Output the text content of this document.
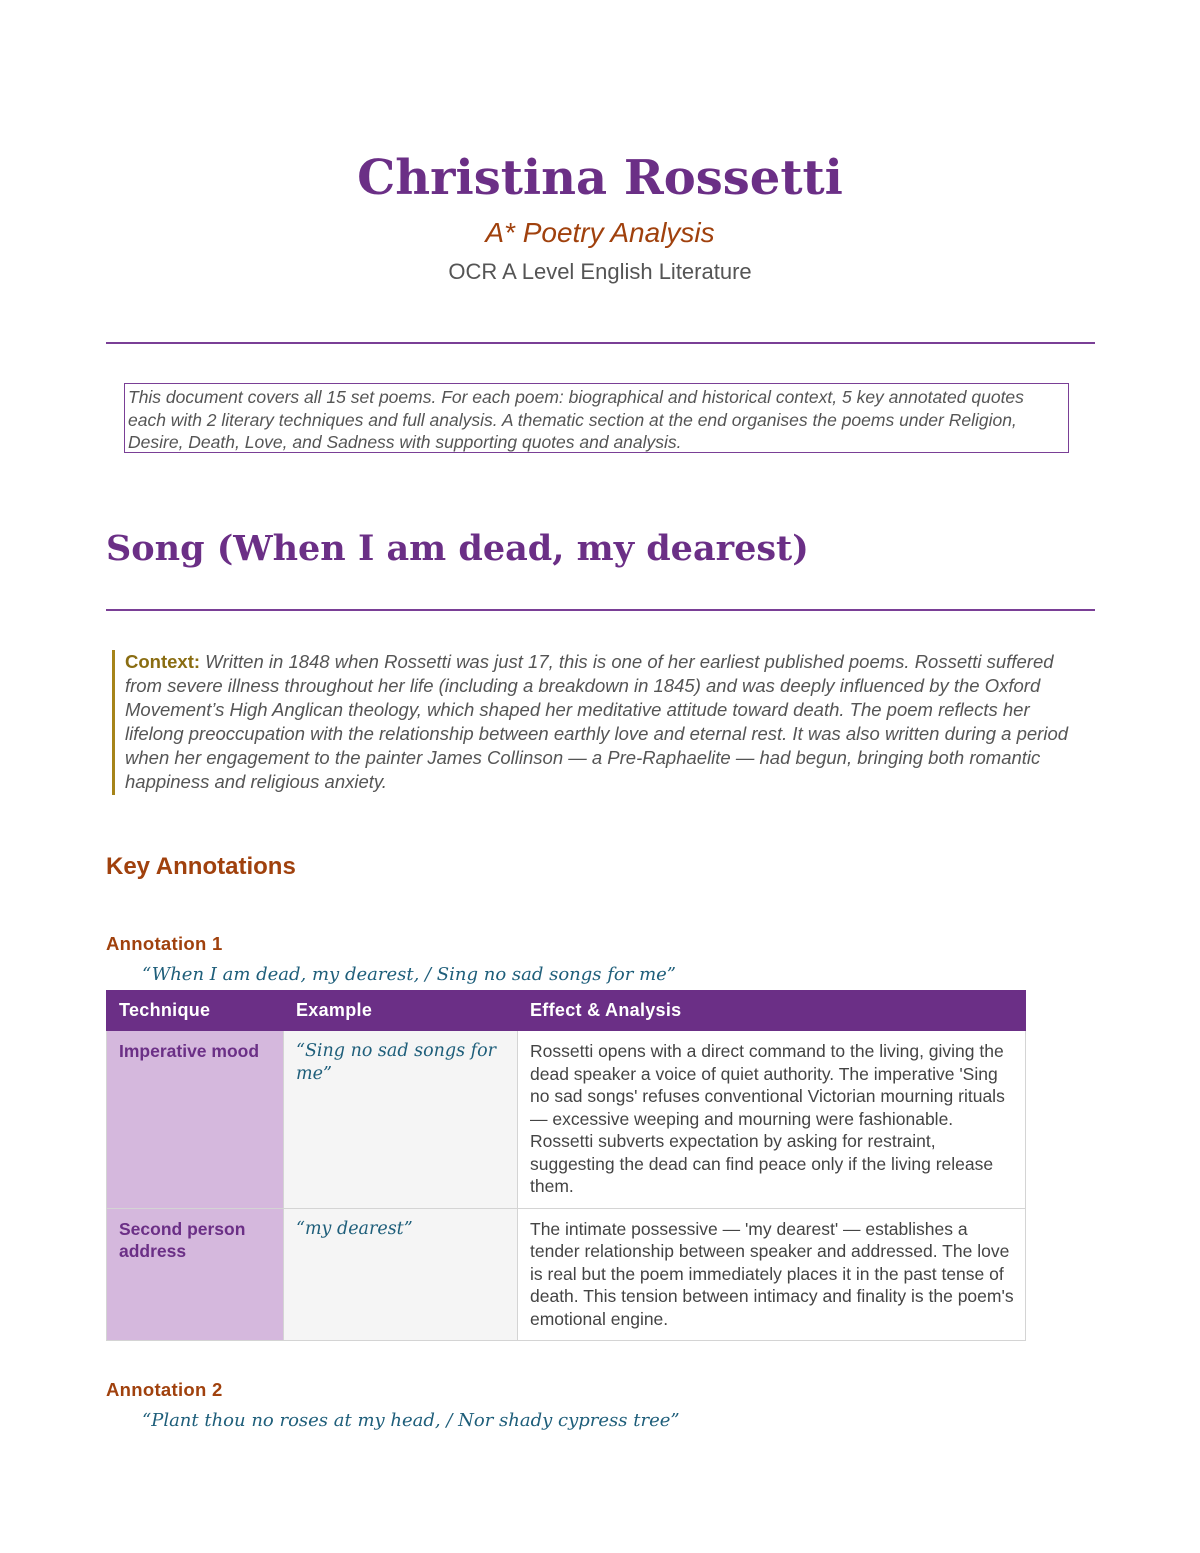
Christina Rossetti
A* Poetry Analysis
OCR A Level English Literature
This document covers all 15 set poems. For each poem: biographical and historical context, 5 key annotated quotes each with 2 literary techniques and full analysis. A thematic section at the end organises the poems under Religion, Desire, Death, Love, and Sadness with supporting quotes and analysis.
Song (When I am dead, my dearest)
Context: Written in 1848 when Rossetti was just 17, this is one of her earliest published poems. Rossetti suffered from severe illness throughout her life (including a breakdown in 1845) and was deeply influenced by the Oxford Movement’s High Anglican theology, which shaped her meditative attitude toward death. The poem reflects her lifelong preoccupation with the relationship between earthly love and eternal rest. It was also written during a period when her engagement to the painter James Collinson — a Pre-Raphaelite — had begun, bringing both romantic happiness and religious anxiety.
Key Annotations
Annotation 1
“When I am dead, my dearest, / Sing no sad songs for me”
Technique	Example	Effect & Analysis
Imperative mood	“Sing no sad songs for me”	Rossetti opens with a direct command to the living, giving the dead speaker a voice of quiet authority. The imperative 'Sing no sad songs' refuses conventional Victorian mourning rituals — excessive weeping and mourning were fashionable. Rossetti subverts expectation by asking for restraint, suggesting the dead can find peace only if the living release them.
Second person address	“my dearest”	The intimate possessive — 'my dearest' — establishes a tender relationship between speaker and addressed. The love is real but the poem immediately places it in the past tense of death. This tension between intimacy and finality is the poem's emotional engine.
Annotation 2
“Plant thou no roses at my head, / Nor shady cypress tree”
